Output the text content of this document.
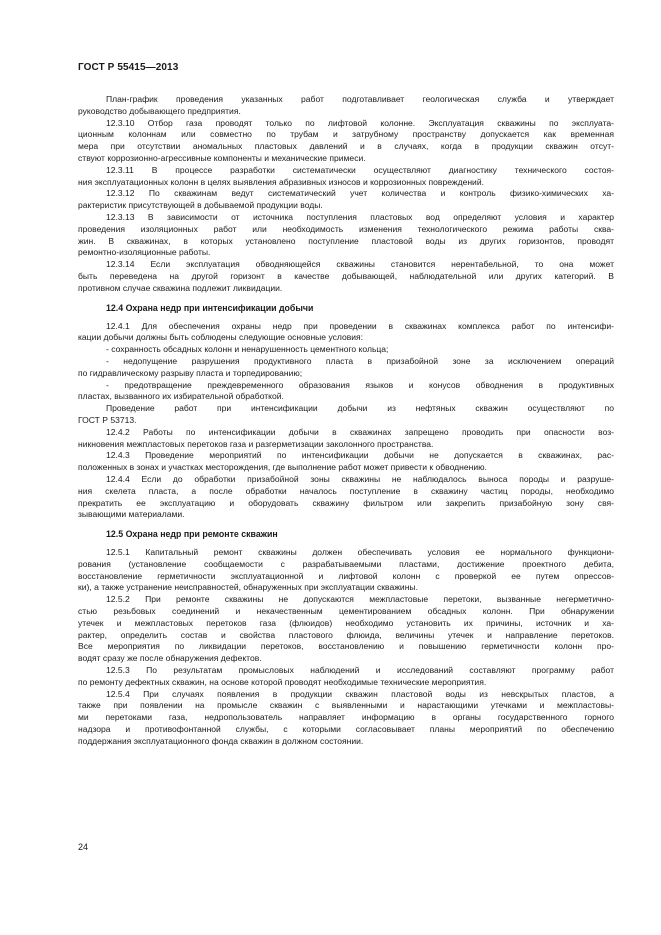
ГОСТ Р 55415—2013
План-график проведения указанных работ подготавливает геологическая служба и утверждает
руководство добывающего предприятия.
12.3.10 Отбор газа проводят только по лифтовой колонне. Эксплуатация скважины по эксплуата-
ционным колоннам или совместно по трубам и затрубному пространству допускается как временная
мера при отсутствии аномальных пластовых давлений и в случаях, когда в продукции скважин отсут-
ствуют коррозионно-агрессивные компоненты и механические примеси.
12.3.11 В процессе разработки систематически осуществляют диагностику технического состоя-
ния эксплуатационных колонн в целях выявления абразивных износов и коррозионных повреждений.
12.3.12 По скважинам ведут систематический учет количества и контроль физико-химических ха-
рактеристик присутствующей в добываемой продукции воды.
12.3.13 В зависимости от источника поступления пластовых вод определяют условия и характер
проведения изоляционных работ или необходимость изменения технологического режима работы сква-
жин. В скважинах, в которых установлено поступление пластовой воды из других горизонтов, проводят
ремонтно-изоляционные работы.
12.3.14 Если эксплуатация обводняющейся скважины становится нерентабельной, то она может
быть переведена на другой горизонт в качестве добывающей, наблюдательной или других категорий. В
противном случае скважина подлежит ликвидации.
12.4 Охрана недр при интенсификации добычи
12.4.1 Для обеспечения охраны недр при проведении в скважинах комплекса работ по интенсифи-
кации добычи должны быть соблюдены следующие основные условия:
- сохранность обсадных колонн и ненарушенность цементного кольца;
- недопущение разрушения продуктивного пласта в призабойной зоне за исключением операций
по гидравлическому разрыву пласта и торпедированию;
- предотвращение преждевременного образования языков и конусов обводнения в продуктивных
пластах, вызванного их избирательной обработкой.
Проведение работ при интенсификации добычи из нефтяных скважин осуществляют по
ГОСТ Р 53713.
12.4.2 Работы по интенсификации добычи в скважинах запрещено проводить при опасности воз-
никновения межпластовых перетоков газа и разгерметизации заколонного пространства.
12.4.3 Проведение мероприятий по интенсификации добычи не допускается в скважинах, рас-
положенных в зонах и участках месторождения, где выполнение работ может привести к обводнению.
12.4.4 Если до обработки призабойной зоны скважины не наблюдалось выноса породы и разруше-
ния скелета пласта, а после обработки началось поступление в скважину частиц породы, необходимо
прекратить ее эксплуатацию и оборудовать скважину фильтром или закрепить призабойную зону свя-
зывающими материалами.
12.5 Охрана недр при ремонте скважин
12.5.1 Капитальный ремонт скважины должен обеспечивать условия ее нормального функциони-
рования (установление сообщаемости с разрабатываемыми пластами, достижение проектного дебита,
восстановление герметичности эксплуатационной и лифтовой колонн с проверкой ее путем опрессов-
ки), а также устранение неисправностей, обнаруженных при эксплуатации скважины.
12.5.2 При ремонте скважины не допускаются межпластовые перетоки, вызванные негерметично-
стью резьбовых соединений и некачественным цементированием обсадных колонн. При обнаружении
утечек и межпластовых перетоков газа (флюидов) необходимо установить их причины, источник и ха-
рактер, определить состав и свойства пластового флюида, величины утечек и направление перетоков.
Все мероприятия по ликвидации перетоков, восстановлению и повышению герметичности колонн про-
водят сразу же после обнаружения дефектов.
12.5.3 По результатам промысловых наблюдений и исследований составляют программу работ
по ремонту дефектных скважин, на основе которой проводят необходимые технические мероприятия.
12.5.4 При случаях появления в продукции скважин пластовой воды из невскрытых пластов, а
также при появлении на промысле скважин с выявленными и нарастающими утечками и межпластовы-
ми перетоками газа, недропользователь направляет информацию в органы государственного горного
надзора и противофонтанной службы, с которыми согласовывает планы мероприятий по обеспечению
поддержания эксплуатационного фонда скважин в должном состоянии.
24
